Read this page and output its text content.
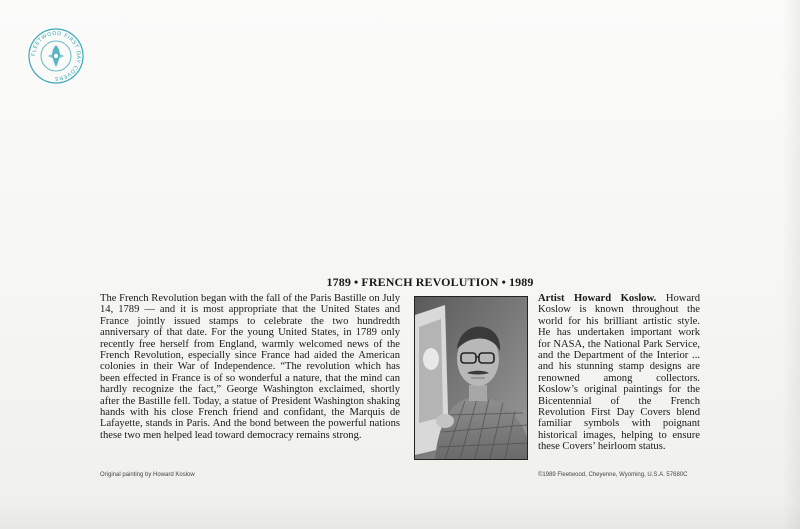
FLEETWOOD FIRST DAY COVERS
1789 • FRENCH REVOLUTION • 1989
The French Revolution began with the fall of the Paris Bastille on July 14, 1789 — and it is most appropriate that the United States and France jointly issued stamps to celebrate the two hundredth anniversary of that date. For the young United States, in 1789 only recently free herself from England, warmly welcomed news of the French Revolution, especially since France had aided the American colonies in their War of Independence. “The revolution which has been effected in France is of so wonderful a nature, that the mind can hardly recognize the fact,” George Washington exclaimed, shortly after the Bastille fell. Today, a statue of President Washington shaking hands with his close French friend and confidant, the Marquis de Lafayette, stands in Paris. And the bond between the powerful nations these two men helped lead toward democracy remains strong.
Artist Howard Koslow. Howard Koslow is known throughout the world for his brilliant artistic style. He has undertaken important work for NASA, the National Park Service, and the Department of the Interior ... and his stunning stamp designs are renowned among collectors. Koslow’s original paintings for the Bicentennial of the French Revolution First Day Covers blend familiar symbols with poignant historical images, helping to ensure these Covers’ heirloom status.
Original painting by Howard Koslow	©1989 Fleetwood, Cheyenne, Wyoming, U.S.A. 57680C
